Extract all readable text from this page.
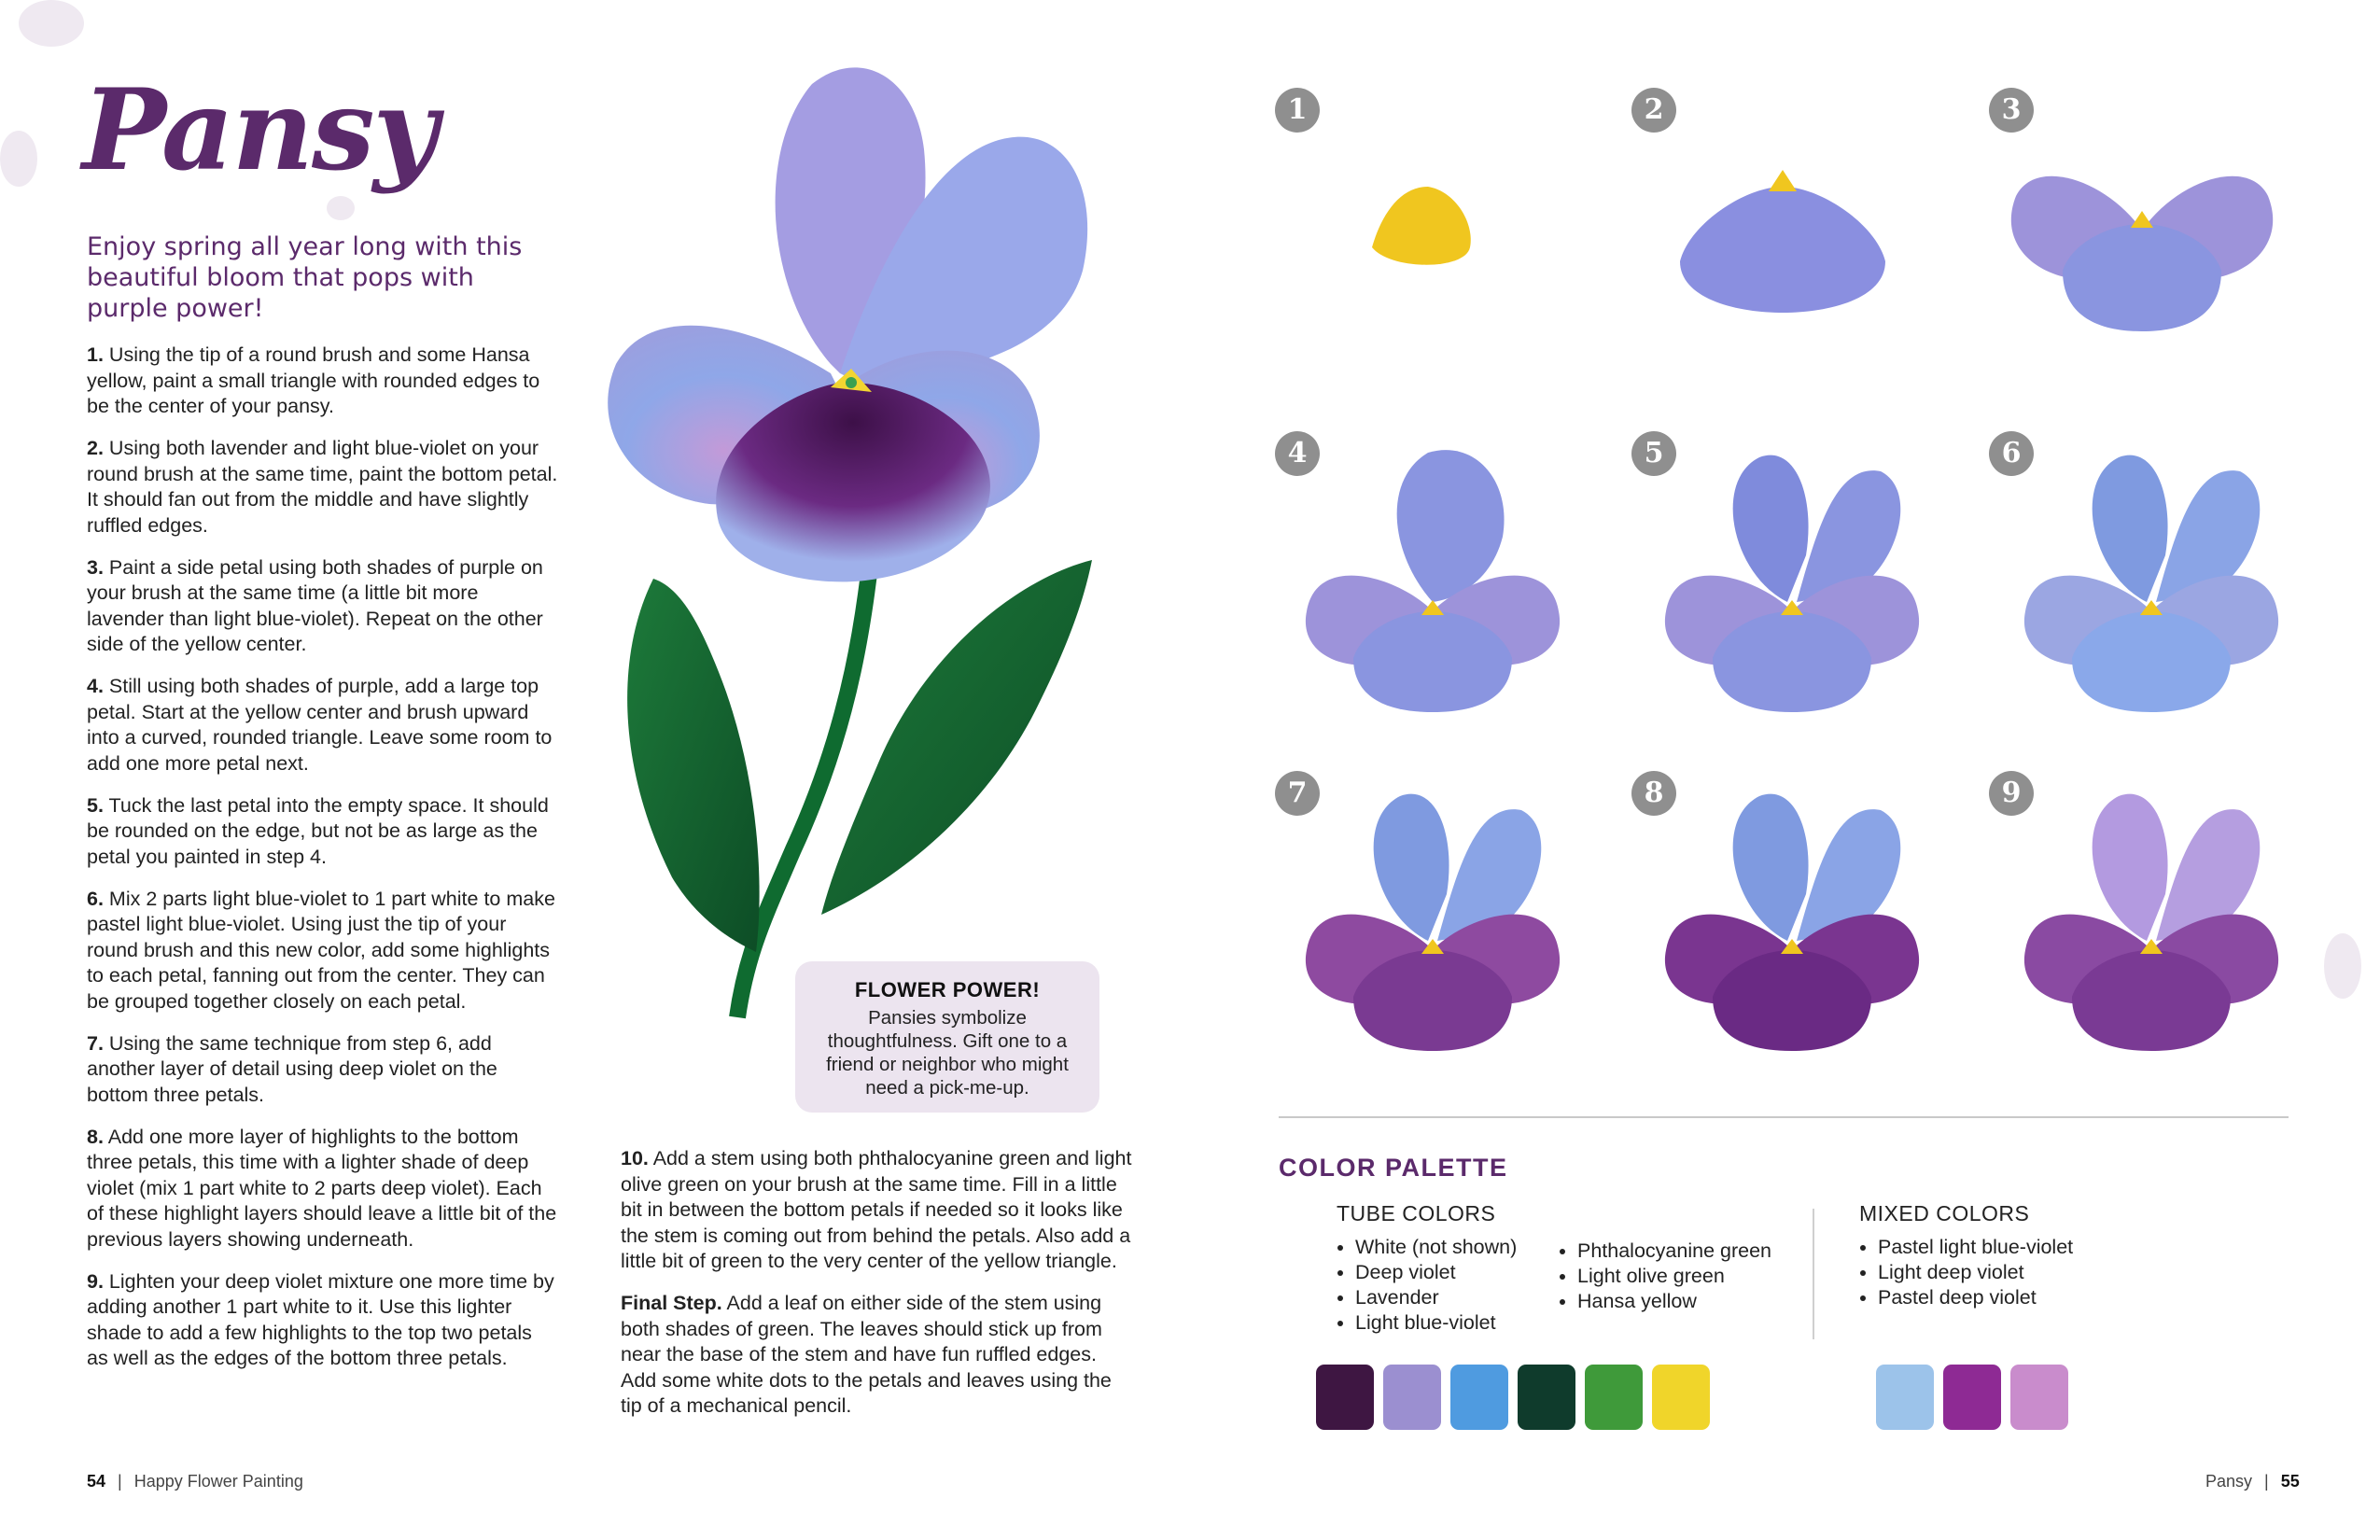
Pansy

Enjoy spring all year long with this beautiful bloom that pops with purple power!

1. Using the tip of a round brush and some Hansa yellow, paint a small triangle with rounded edges to be the center of your pansy.

2. Using both lavender and light blue-violet on your round brush at the same time, paint the bottom petal. It should fan out from the middle and have slightly ruffled edges.

3. Paint a side petal using both shades of purple on your brush at the same time (a little bit more lavender than light blue-violet). Repeat on the other side of the yellow center.

4. Still using both shades of purple, add a large top petal. Start at the yellow center and brush upward into a curved, rounded triangle. Leave some room to add one more petal next.

5. Tuck the last petal into the empty space. It should be rounded on the edge, but not be as large as the petal you painted in step 4.

6. Mix 2 parts light blue-violet to 1 part white to make pastel light blue-violet. Using just the tip of your round brush and this new color, add some highlights to each petal, fanning out from the center. They can be grouped together closely on each petal.

7. Using the same technique from step 6, add another layer of detail using deep violet on the bottom three petals.

8. Add one more layer of highlights to the bottom three petals, this time with a lighter shade of deep violet (mix 1 part white to 2 parts deep violet). Each of these highlight layers should leave a little bit of the previous layers showing underneath.

9. Lighten your deep violet mixture one more time by adding another 1 part white to it. Use this lighter shade to add a few highlights to the top two petals as well as the edges of the bottom three petals.

10. Add a stem using both phthalocyanine green and light olive green on your brush at the same time. Fill in a little bit in between the bottom petals if needed so it looks like the stem is coming out from behind the petals. Also add a little bit of green to the very center of the yellow triangle.

Final Step. Add a leaf on either side of the stem using both shades of green. The leaves should stick up from near the base of the stem and have fun ruffled edges. Add some white dots to the petals and leaves using the tip of a mechanical pencil.

FLOWER POWER!

Pansies symbolize thoughtfulness. Gift one to a friend or neighbor who might need a pick-me-up.

1	2	3
4	5	6
7	8	9
COLOR PALETTE
TUBE COLORS
• White (not shown)
• Deep violet
• Lavender
• Light blue-violet
• Phthalocyanine green
• Light olive green
• Hansa yellow
MIXED COLORS
• Pastel light blue-violet
• Light deep violet
• Pastel deep violet
54 | Happy Flower Painting	Pansy | 55
